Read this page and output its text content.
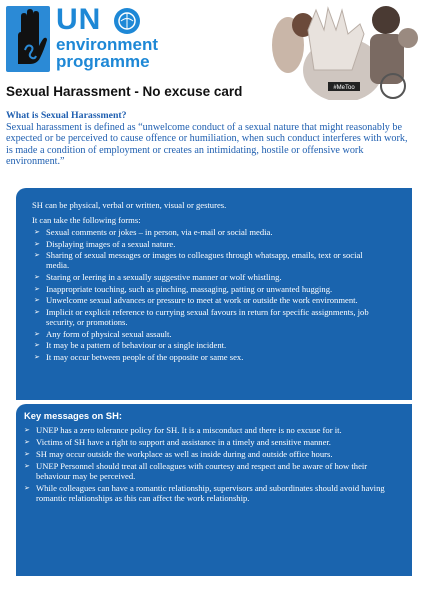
UN
environment
programme
#MeToo
Sexual Harassment - No excuse card
What is Sexual Harassment?

Sexual harassment is defined as “unwelcome conduct of a sexual nature that might reasonably be expected or be perceived to cause offence or humiliation, when such conduct interferes with work, is made a condition of employment or creates an intimidating, hostile or offensive work environment.”

SH can be physical, verbal or written, visual or gestures.

It can take the following forms:

➢ Sexual comments or jokes – in person, via e-mail or social media.
➢ Displaying images of a sexual nature.
➢ Sharing of sexual messages or images to colleagues through whatsapp, emails, text or social media.
➢ Staring or leering in a sexually suggestive manner or wolf whistling.
➢ Inappropriate touching, such as pinching, massaging, patting or unwanted hugging.
➢ Unwelcome sexual advances or pressure to meet at work or outside the work environment.
➢ Implicit or explicit reference to currying sexual favours in return for specific assignments, job security, or promotions.
➢ Any form of physical sexual assault.
➢ It may be a pattern of behaviour or a single incident.
➢ It may occur between people of the opposite or same sex.
Key messages on SH:
➢ UNEP has a zero tolerance policy for SH. It is a misconduct and there is no excuse for it.
➢ Victims of SH have a right to support and assistance in a timely and sensitive manner.
➢ SH may occur outside the workplace as well as inside during and outside office hours.
➢ UNEP Personnel should treat all colleagues with courtesy and respect and be aware of how their behaviour may be perceived.
➢ While colleagues can have a romantic relationship, supervisors and subordinates should avoid having romantic relationships as this can affect the work relationship.
